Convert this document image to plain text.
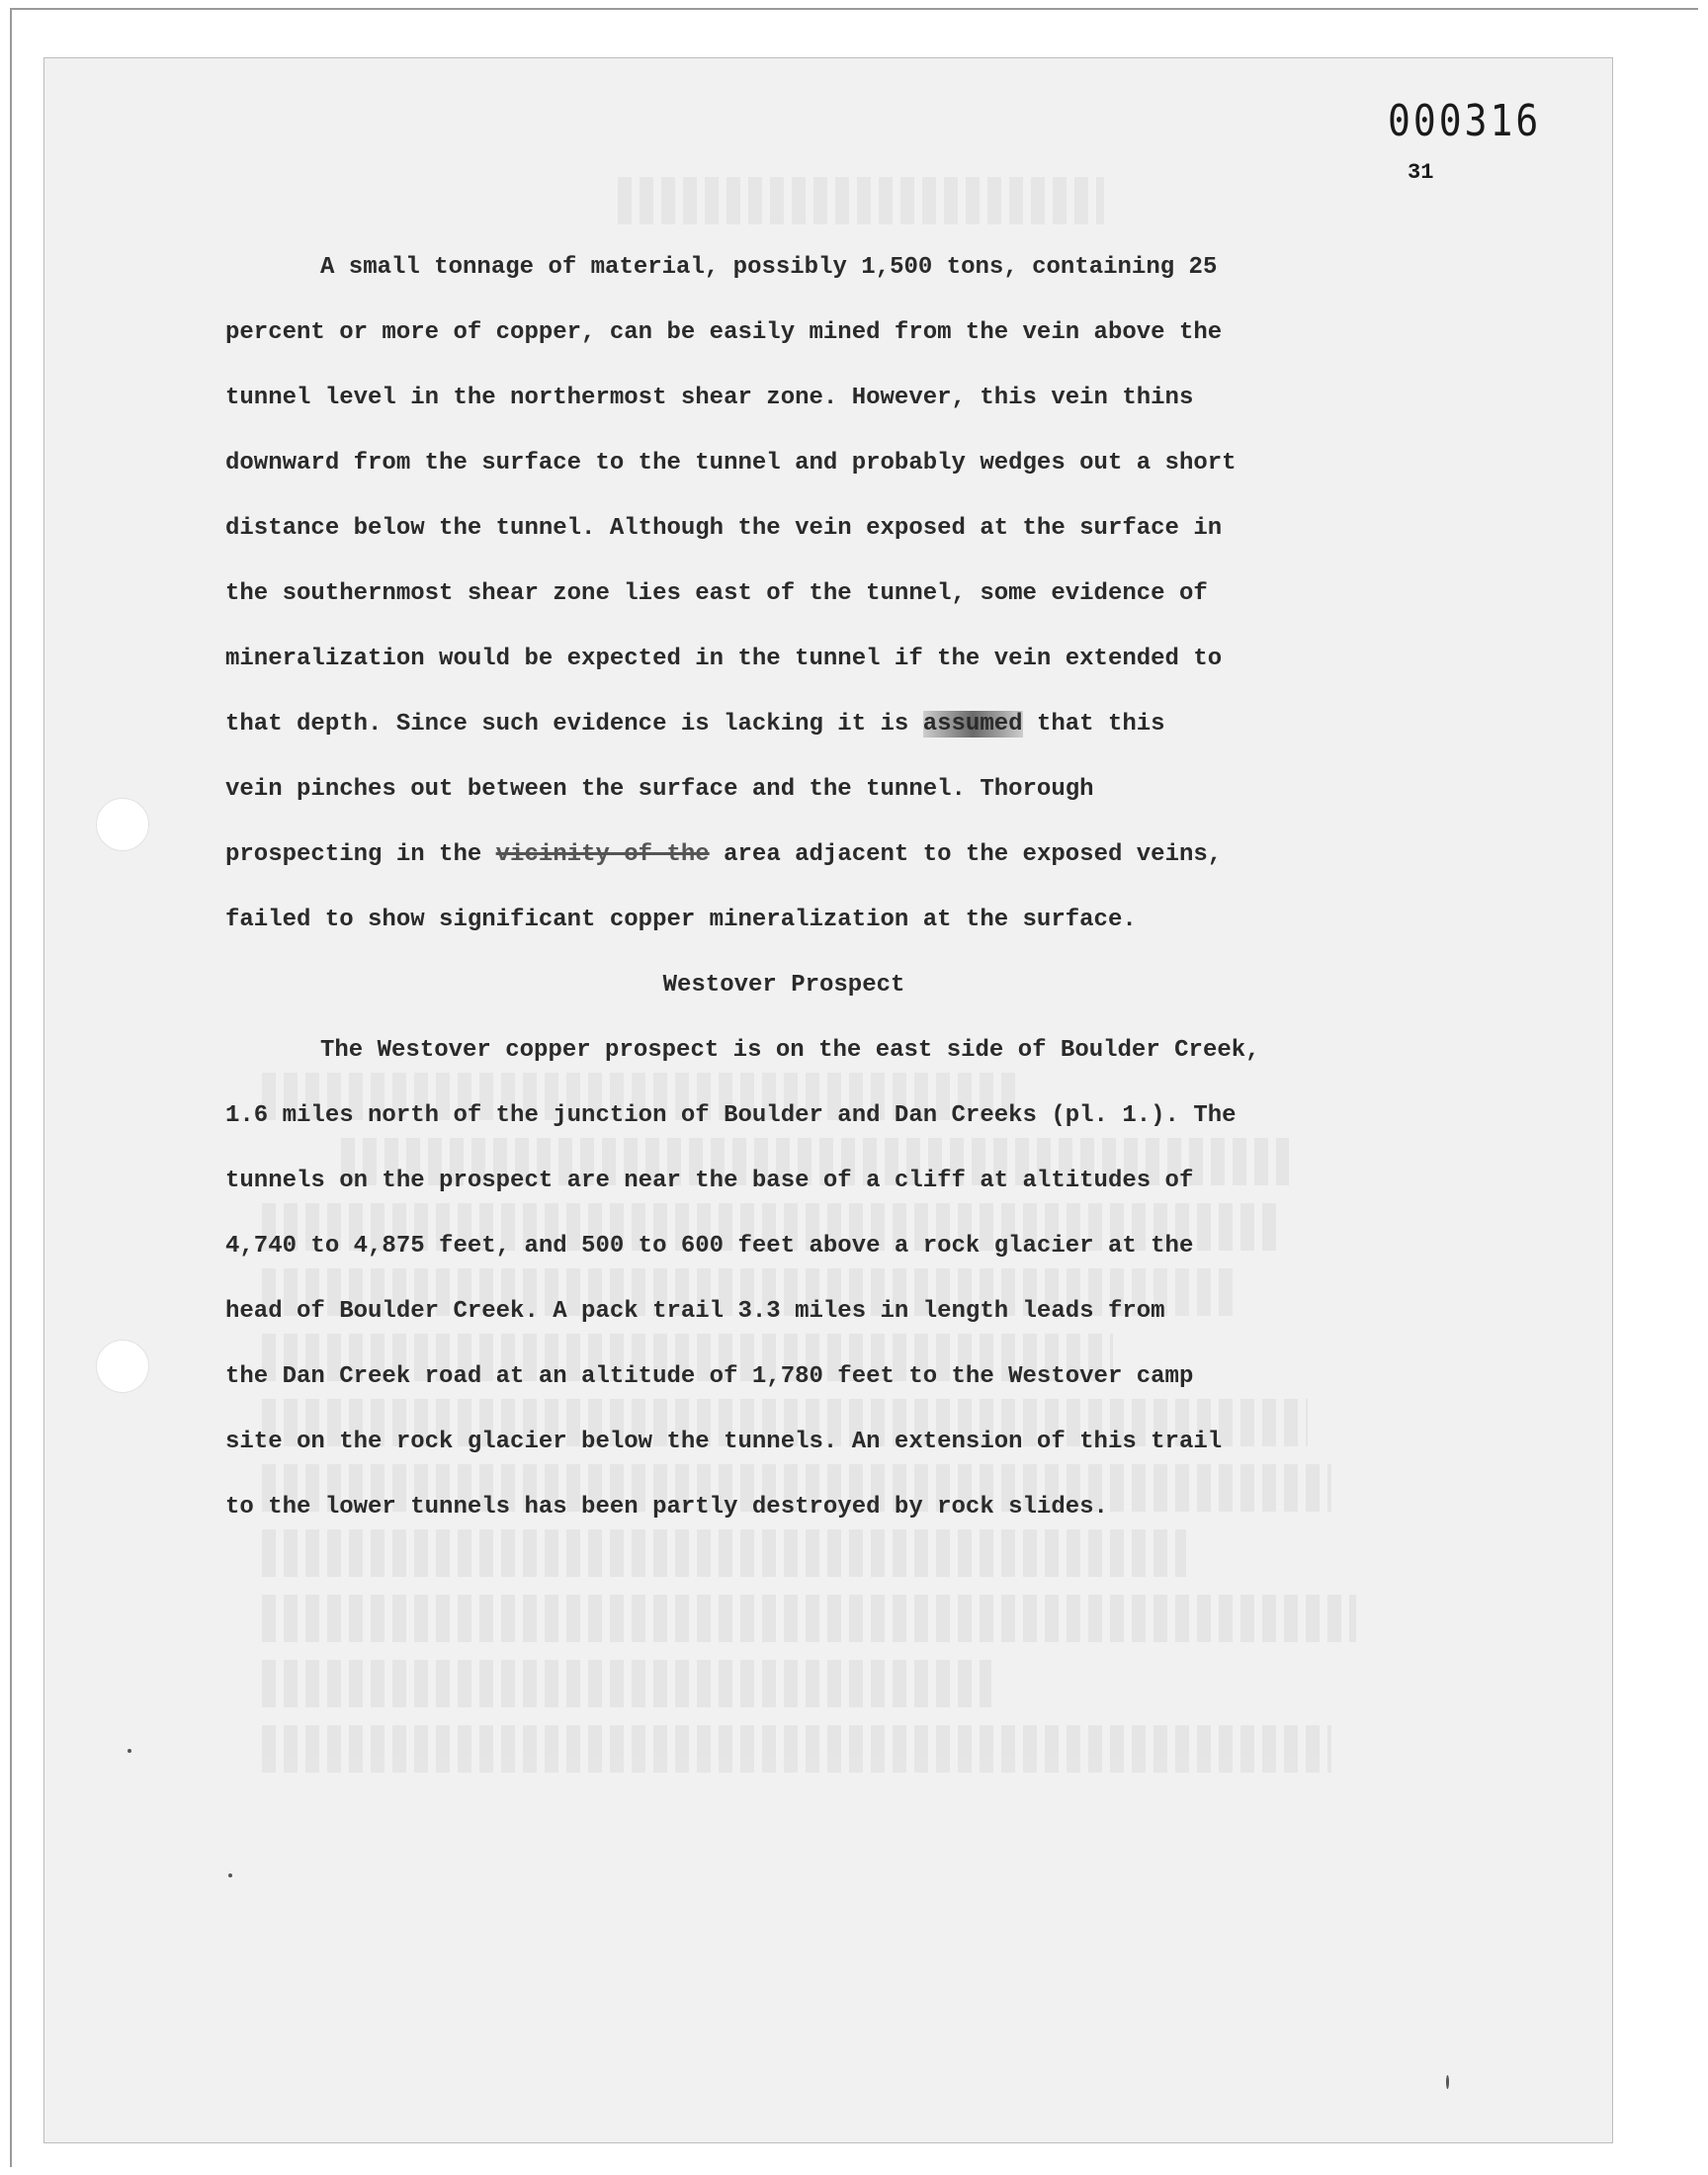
000316
31
A small tonnage of material, possibly 1,500 tons, containing 25
percent or more of copper, can be easily mined from the vein above the
tunnel level in the northermost shear zone. However, this vein thins
downward from the surface to the tunnel and probably wedges out a short
distance below the tunnel. Although the vein exposed at the surface in
the southernmost shear zone lies east of the tunnel, some evidence of
mineralization would be expected in the tunnel if the vein extended to
that depth. Since such evidence is lacking it is assumed that this
vein pinches out between the surface and the tunnel. Thorough
prospecting in the vicinity of the area adjacent to the exposed veins,
failed to show significant copper mineralization at the surface.
Westover Prospect
The Westover copper prospect is on the east side of Boulder Creek,
1.6 miles north of the junction of Boulder and Dan Creeks (pl. 1.). The
tunnels on the prospect are near the base of a cliff at altitudes of
4,740 to 4,875 feet, and 500 to 600 feet above a rock glacier at the
head of Boulder Creek. A pack trail 3.3 miles in length leads from
the Dan Creek road at an altitude of 1,780 feet to the Westover camp
site on the rock glacier below the tunnels. An extension of this trail
to the lower tunnels has been partly destroyed by rock slides.
